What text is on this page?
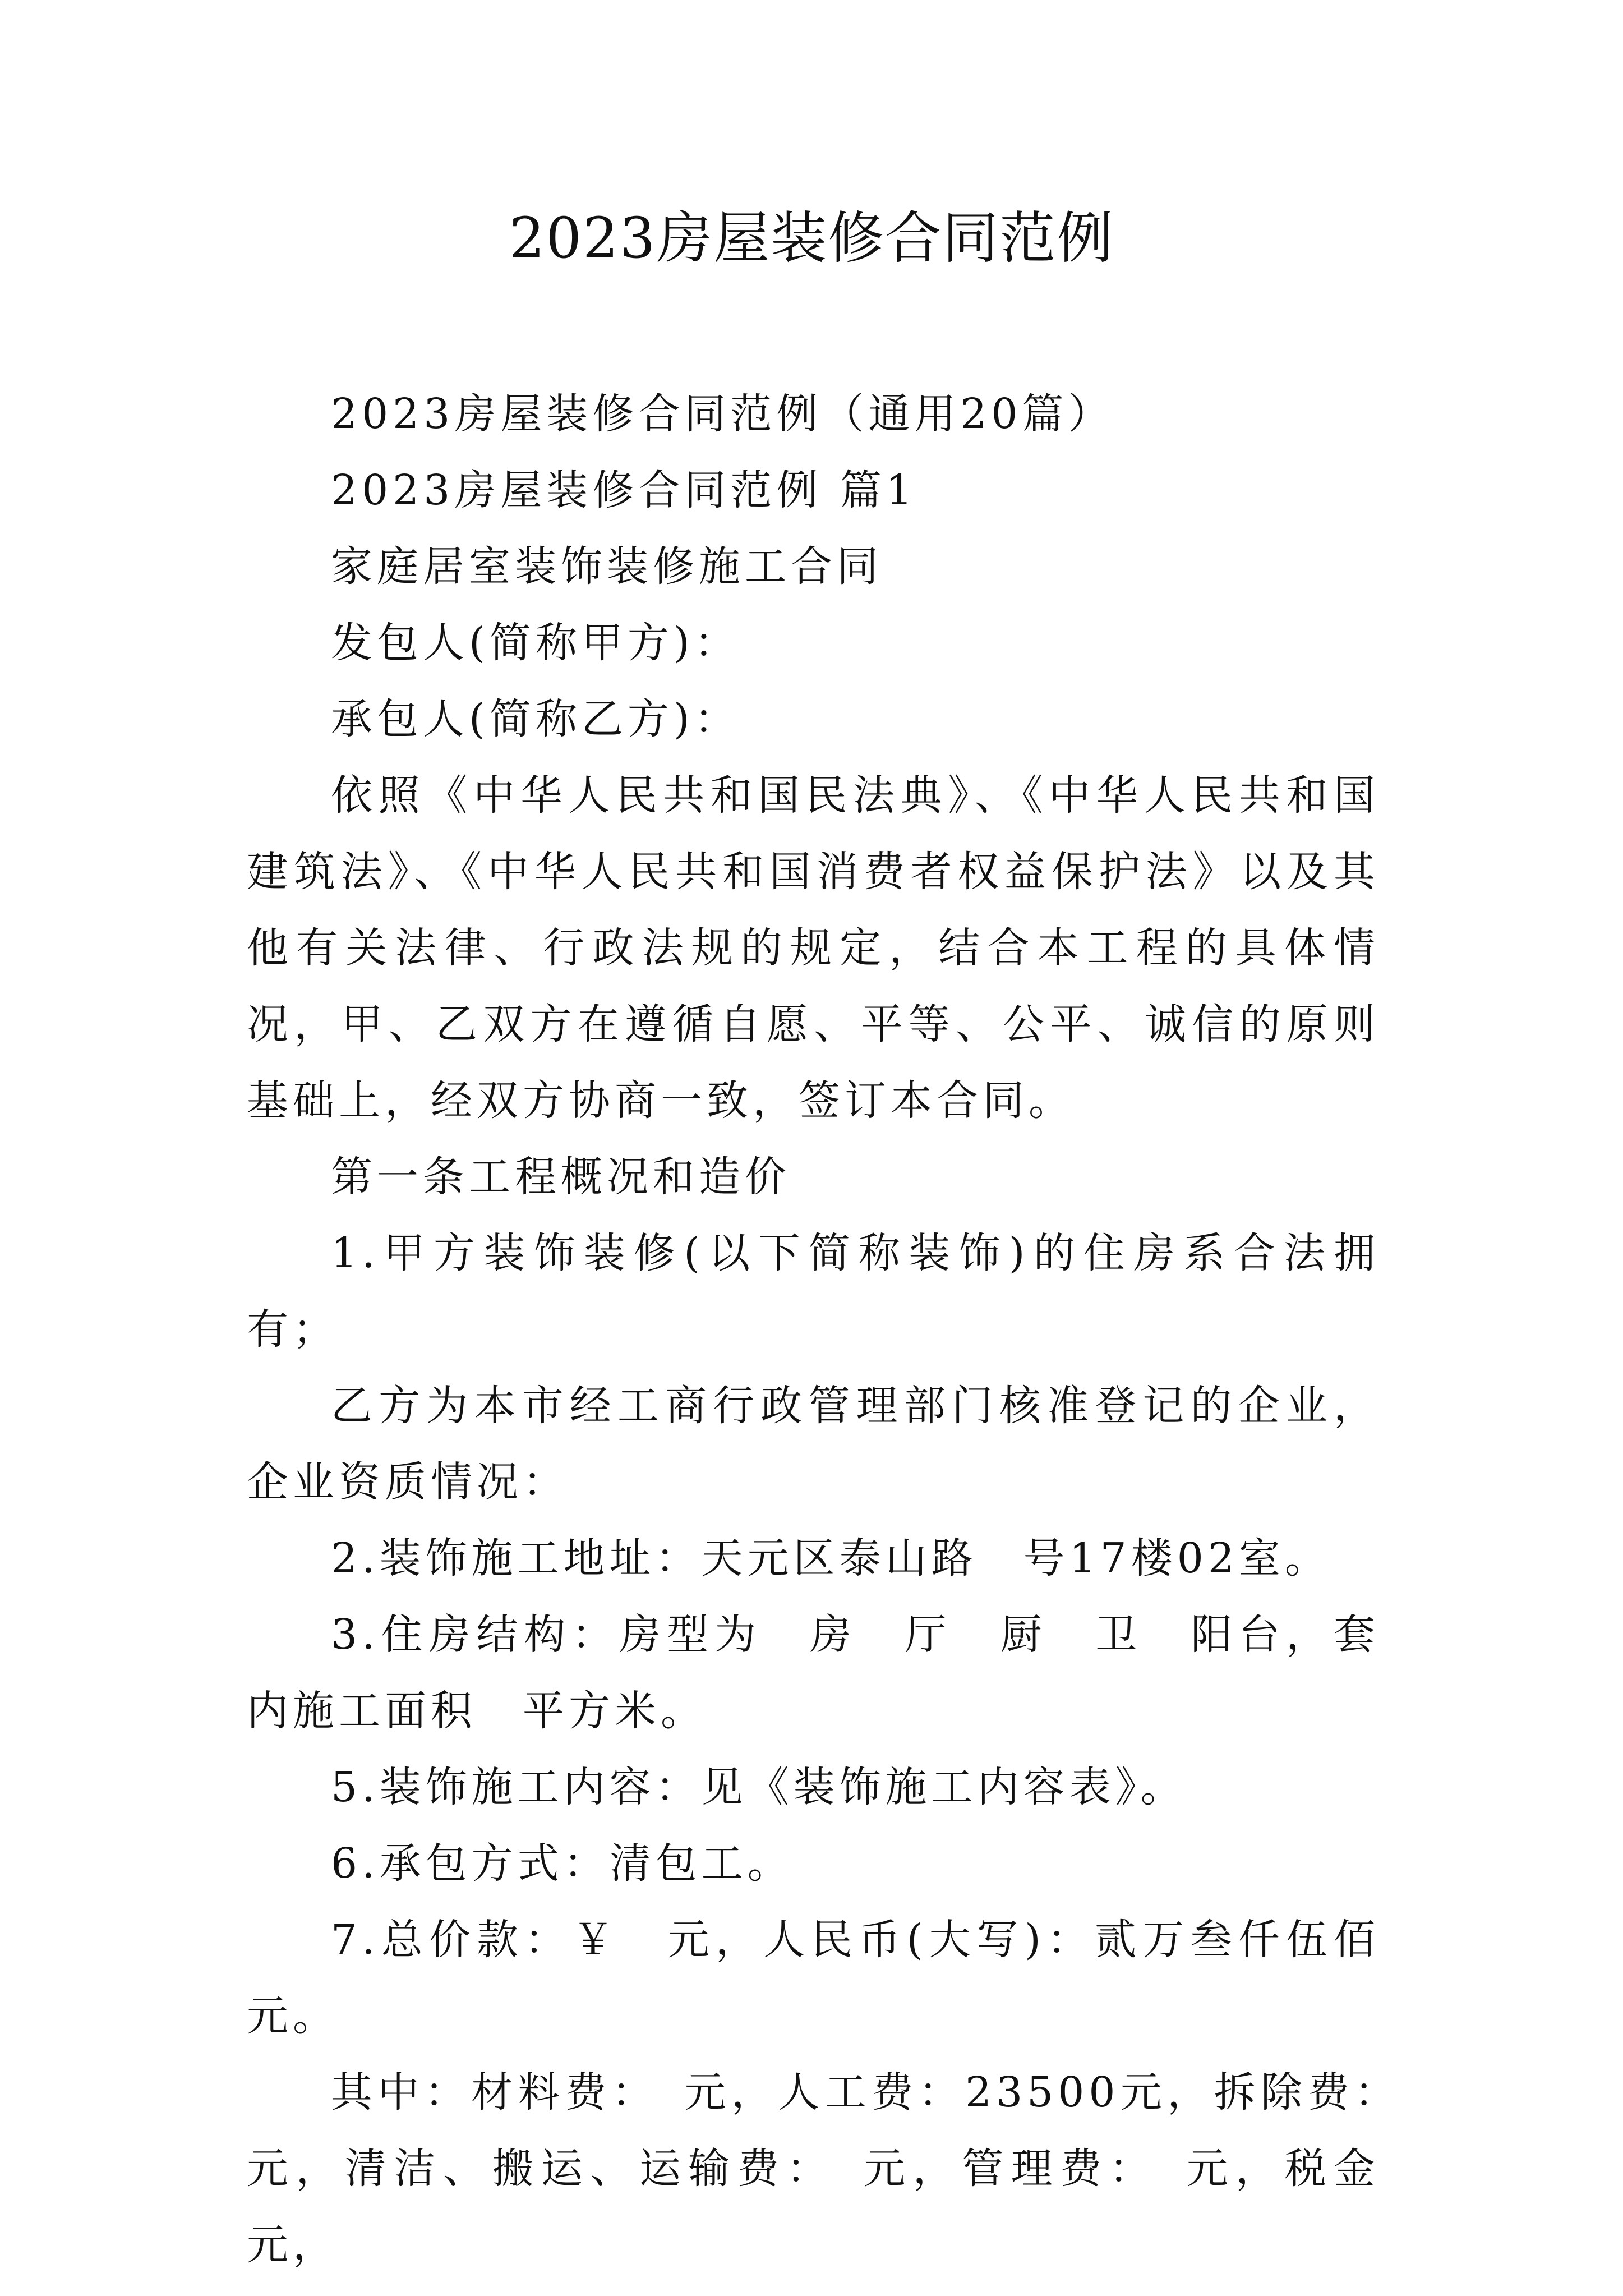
2023房屋装修合同范例

2023房屋装修合同范例（通用20篇）

2023房屋装修合同范例 篇1

家庭居室装饰装修施工合同

发包人(简称甲方)：

承包人(简称乙方)：

依照《中华人民共和国民法典》、《中华人民共和国建筑法》、《中华人民共和国消费者权益保护法》以及其他有关法律、行政法规的规定，结合本工程的具体情况，甲、乙双方在遵循自愿、平等、公平、诚信的原则基础上，经双方协商一致，签订本合同。

第一条工程概况和造价

1.甲方装饰装修(以下简称装饰)的住房系合法拥有；

乙方为本市经工商行政管理部门核准登记的企业，企业资质情况：

2.装饰施工地址：天元区泰山路　号17楼02室。

3.住房结构：房型为　房　厅　厨　卫　阳台，套内施工面积　平方米。

5.装饰施工内容：见《装饰施工内容表》。

6.承包方式：清包工。

7.总价款：￥　元，人民币(大写)：贰万叁仟伍佰元。

其中：材料费：　元，人工费：23500元，拆除费：　元，清洁、搬运、运输费：　元，管理费：　元，税金　元，
